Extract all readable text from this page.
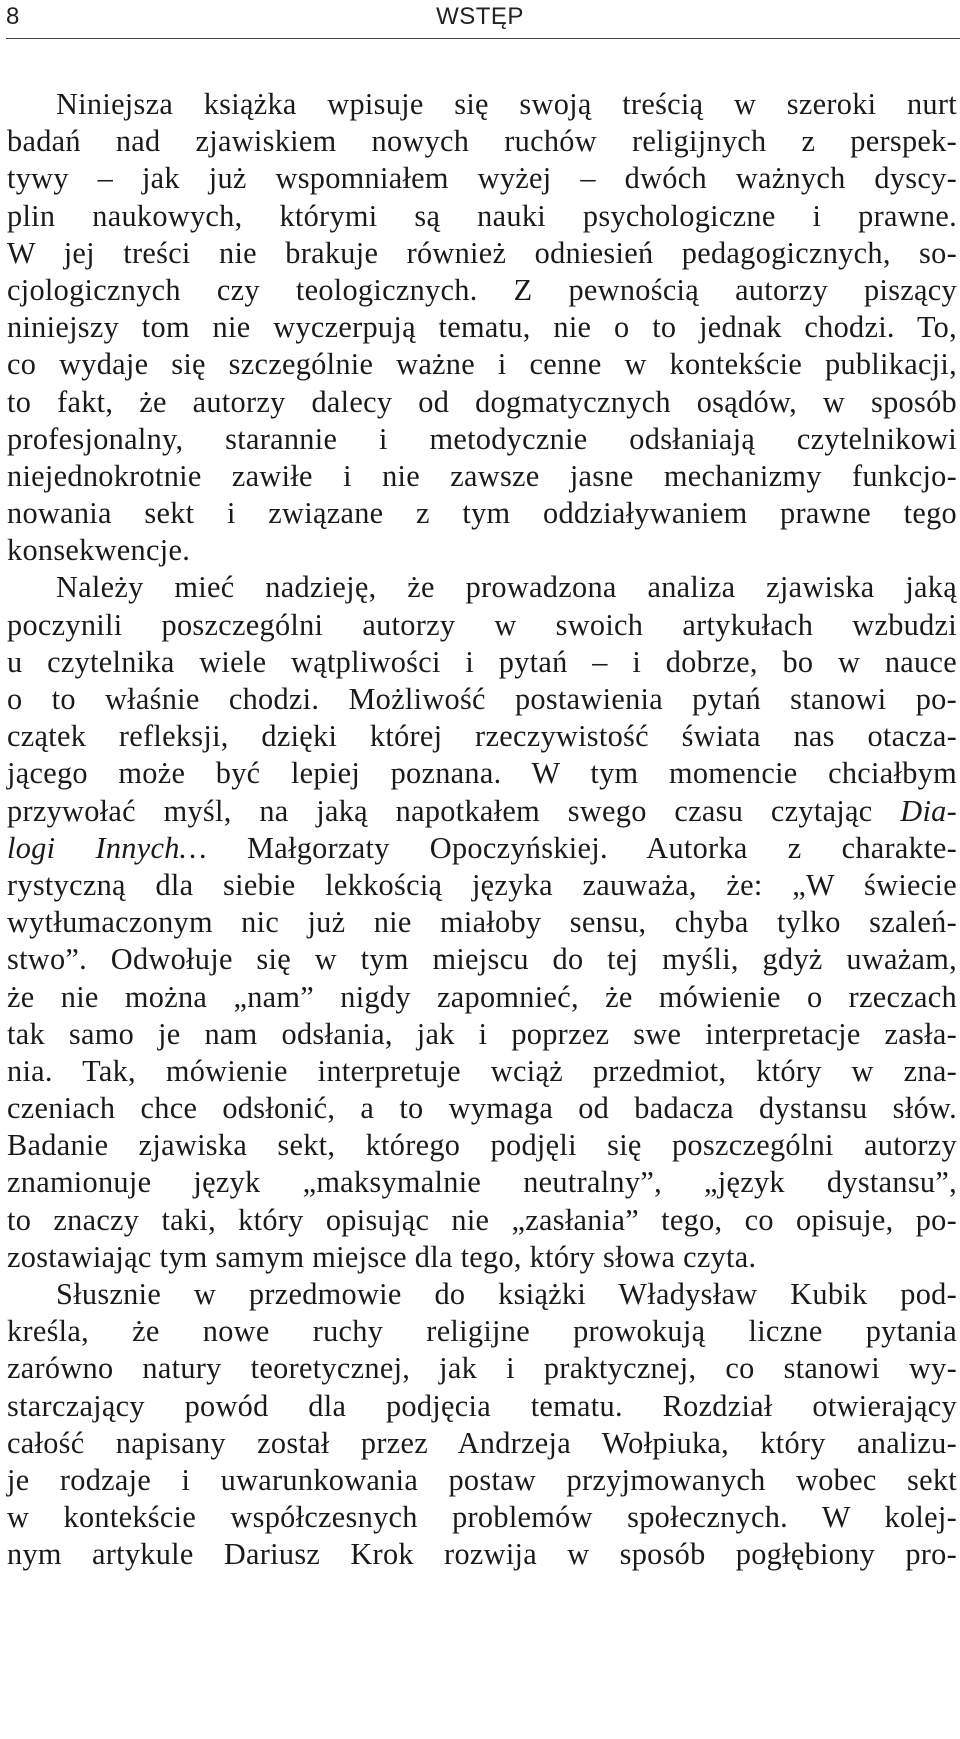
8	WSTĘP
Niniejsza książka wpisuje się swoją treścią w szeroki nurt
badań nad zjawiskiem nowych ruchów religijnych z perspek-
tywy – jak już wspomniałem wyżej – dwóch ważnych dyscy-
plin naukowych, którymi są nauki psychologiczne i prawne.
W jej treści nie brakuje również odniesień pedagogicznych, so-
cjologicznych czy teologicznych. Z pewnością autorzy piszący
niniejszy tom nie wyczerpują tematu, nie o to jednak chodzi. To,
co wydaje się szczególnie ważne i cenne w kontekście publikacji,
to fakt, że autorzy dalecy od dogmatycznych osądów, w sposób
profesjonalny, starannie i metodycznie odsłaniają czytelnikowi
niejednokrotnie zawiłe i nie zawsze jasne mechanizmy funkcjo-
nowania sekt i związane z tym oddziaływaniem prawne tego
konsekwencje.
Należy mieć nadzieję, że prowadzona analiza zjawiska jaką
poczynili poszczególni autorzy w swoich artykułach wzbudzi
u czytelnika wiele wątpliwości i pytań – i dobrze, bo w nauce
o to właśnie chodzi. Możliwość postawienia pytań stanowi po-
czątek refleksji, dzięki której rzeczywistość świata nas otacza-
jącego może być lepiej poznana. W tym momencie chciałbym
przywołać myśl, na jaką napotkałem swego czasu czytając Dia-
logi Innych… Małgorzaty Opoczyńskiej. Autorka z charakte-
rystyczną dla siebie lekkością języka zauważa, że: „W świecie
wytłumaczonym nic już nie miałoby sensu, chyba tylko szaleń-
stwo”. Odwołuje się w tym miejscu do tej myśli, gdyż uważam,
że nie można „nam” nigdy zapomnieć, że mówienie o rzeczach
tak samo je nam odsłania, jak i poprzez swe interpretacje zasła-
nia. Tak, mówienie interpretuje wciąż przedmiot, który w zna-
czeniach chce odsłonić, a to wymaga od badacza dystansu słów.
Badanie zjawiska sekt, którego podjęli się poszczególni autorzy
znamionuje język „maksymalnie neutralny”, „język dystansu”,
to znaczy taki, który opisując nie „zasłania” tego, co opisuje, po-
zostawiając tym samym miejsce dla tego, który słowa czyta.
Słusznie w przedmowie do książki Władysław Kubik pod-
kreśla, że nowe ruchy religijne prowokują liczne pytania
zarówno natury teoretycznej, jak i praktycznej, co stanowi wy-
starczający powód dla podjęcia tematu. Rozdział otwierający
całość napisany został przez Andrzeja Wołpiuka, który analizu-
je rodzaje i uwarunkowania postaw przyjmowanych wobec sekt
w kontekście współczesnych problemów społecznych. W kolej-
nym artykule Dariusz Krok rozwija w sposób pogłębiony pro-
